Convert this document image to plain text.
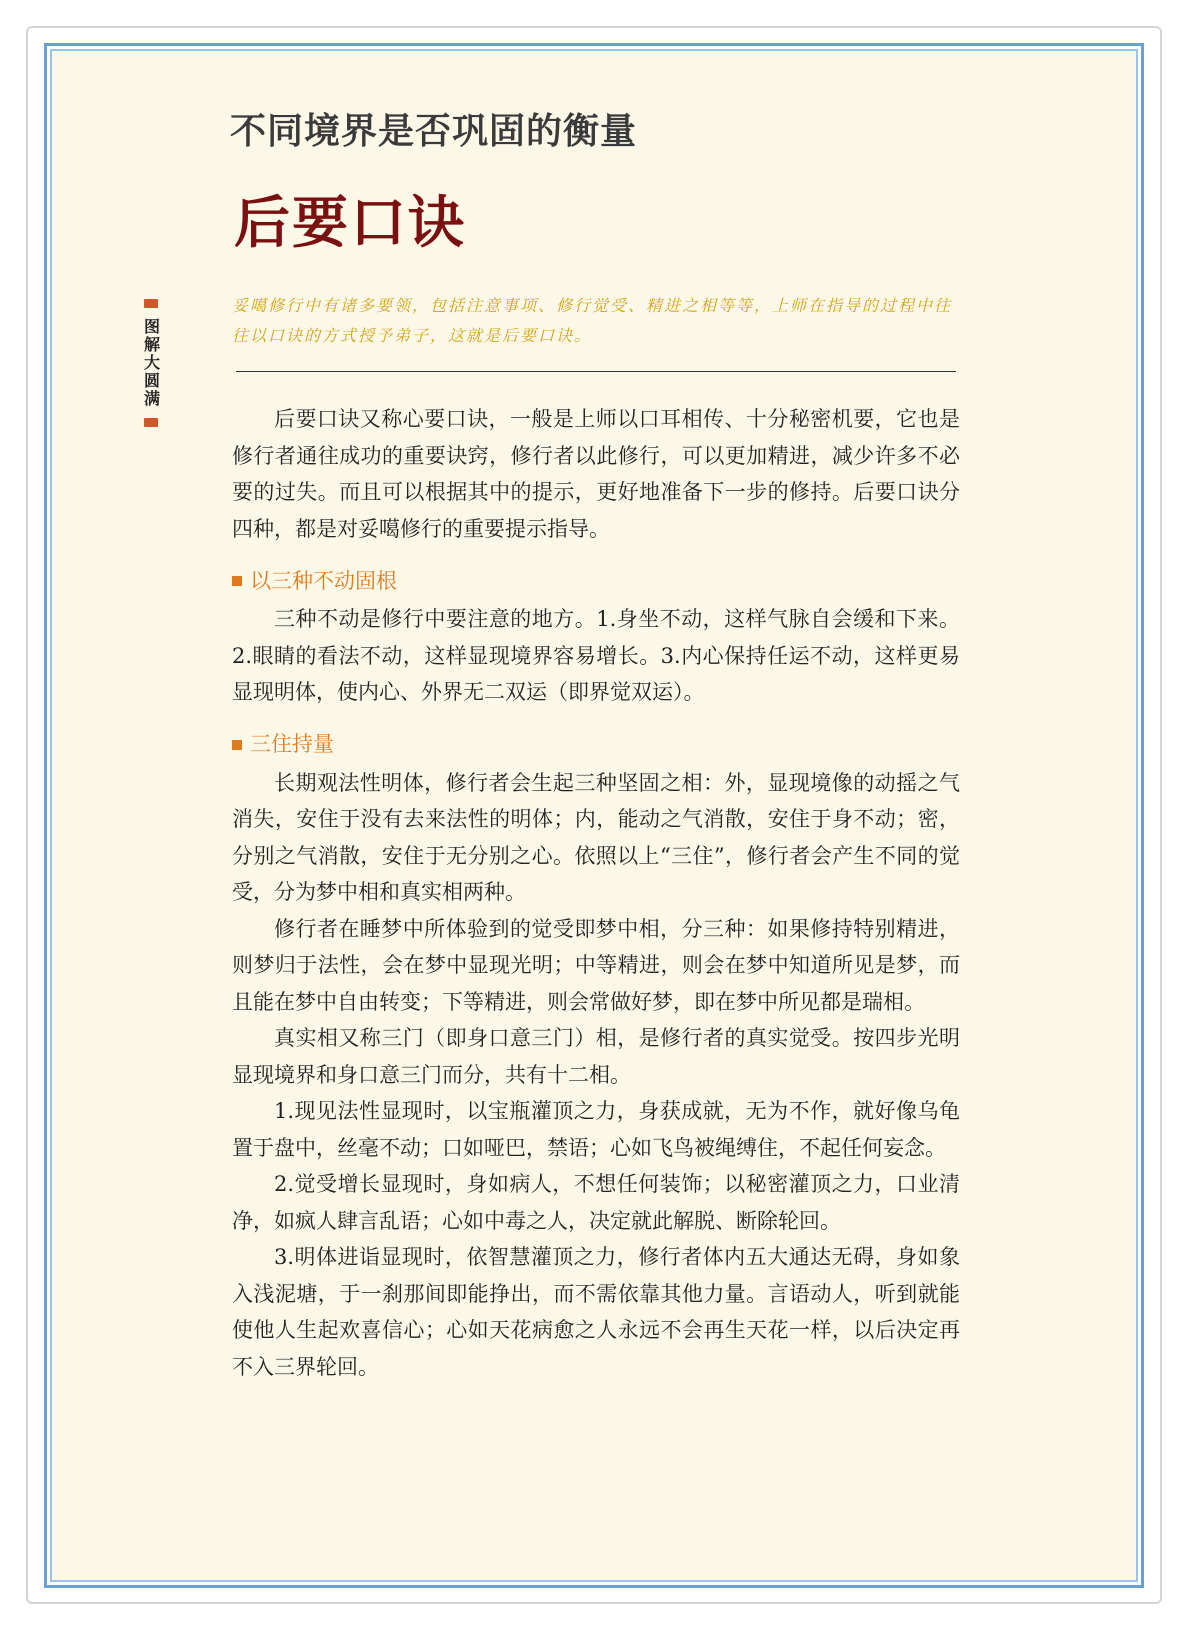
不同境界是否巩固的衡量
后要口诀
图解大圆满

妥噶修行中有诸多要领，包括注意事项、修行觉受、精进之相等等，上师在指导的过程中往往以口诀的方式授予弟子，这就是后要口诀。

后要口诀又称心要口诀，一般是上师以口耳相传、十分秘密机要，它也是修行者通往成功的重要诀窍，修行者以此修行，可以更加精进，减少许多不必要的过失。而且可以根据其中的提示，更好地准备下一步的修持。后要口诀分四种，都是对妥噶修行的重要提示指导。

以三种不动固根

三种不动是修行中要注意的地方。1.身坐不动，这样气脉自会缓和下来。2.眼睛的看法不动，这样显现境界容易增长。3.内心保持任运不动，这样更易显现明体，使内心、外界无二双运（即界觉双运）。

三住持量

长期观法性明体，修行者会生起三种坚固之相：外，显现境像的动摇之气消失，安住于没有去来法性的明体；内，能动之气消散，安住于身不动；密，分别之气消散，安住于无分别之心。依照以上“三住”，修行者会产生不同的觉受，分为梦中相和真实相两种。

修行者在睡梦中所体验到的觉受即梦中相，分三种：如果修持特别精进，则梦归于法性，会在梦中显现光明；中等精进，则会在梦中知道所见是梦，而且能在梦中自由转变；下等精进，则会常做好梦，即在梦中所见都是瑞相。

真实相又称三门（即身口意三门）相，是修行者的真实觉受。按四步光明显现境界和身口意三门而分，共有十二相。

1.现见法性显现时，以宝瓶灌顶之力，身获成就，无为不作，就好像乌龟置于盘中，丝毫不动；口如哑巴，禁语；心如飞鸟被绳缚住，不起任何妄念。

2.觉受增长显现时，身如病人，不想任何装饰；以秘密灌顶之力，口业清净，如疯人肆言乱语；心如中毒之人，决定就此解脱、断除轮回。

3.明体进诣显现时，依智慧灌顶之力，修行者体内五大通达无碍，身如象入浅泥塘，于一刹那间即能挣出，而不需依靠其他力量。言语动人，听到就能使他人生起欢喜信心；心如天花病愈之人永远不会再生天花一样，以后决定再不入三界轮回。
